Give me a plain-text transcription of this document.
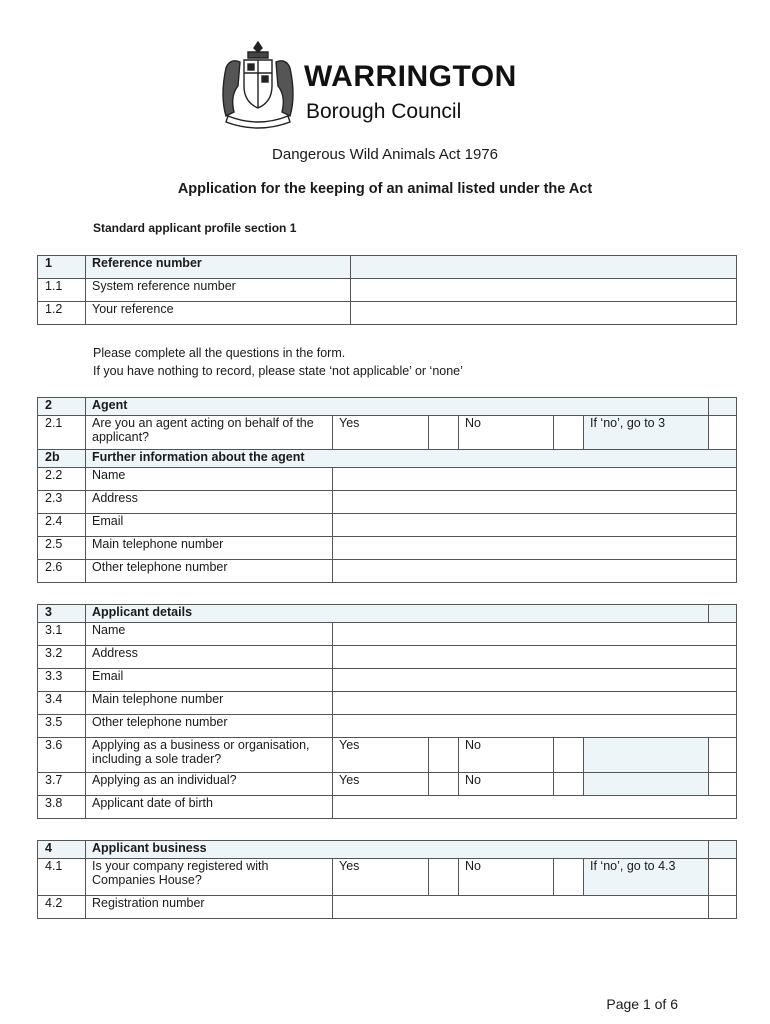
WARRINGTON
Borough Council
Dangerous Wild Animals Act 1976
Application for the keeping of an animal listed under the Act
Standard applicant profile section 1
1	Reference number	
1.1	System reference number	
1.2	Your reference	
Please complete all the questions in the form.
If you have nothing to record, please state ‘not applicable’ or ‘none’
2	Agent						
2.1	Are you an agent acting on behalf of the applicant?	Yes		No		If ‘no’, go to 3	
2b	Further information about the agent						
2.2	Name						
2.3	Address						
2.4	Email						
2.5	Main telephone number						
2.6	Other telephone number						
3	Applicant details						
3.1	Name						
3.2	Address						
3.3	Email						
3.4	Main telephone number						
3.5	Other telephone number						
3.6	Applying as a business or organisation, including a sole trader?	Yes		No			
3.7	Applying as an individual?	Yes		No			
3.8	Applicant date of birth						
4	Applicant business						
4.1	Is your company registered with Companies House?	Yes		No		If ‘no’, go to 4.3	
4.2	Registration number						
Page 1 of 6
